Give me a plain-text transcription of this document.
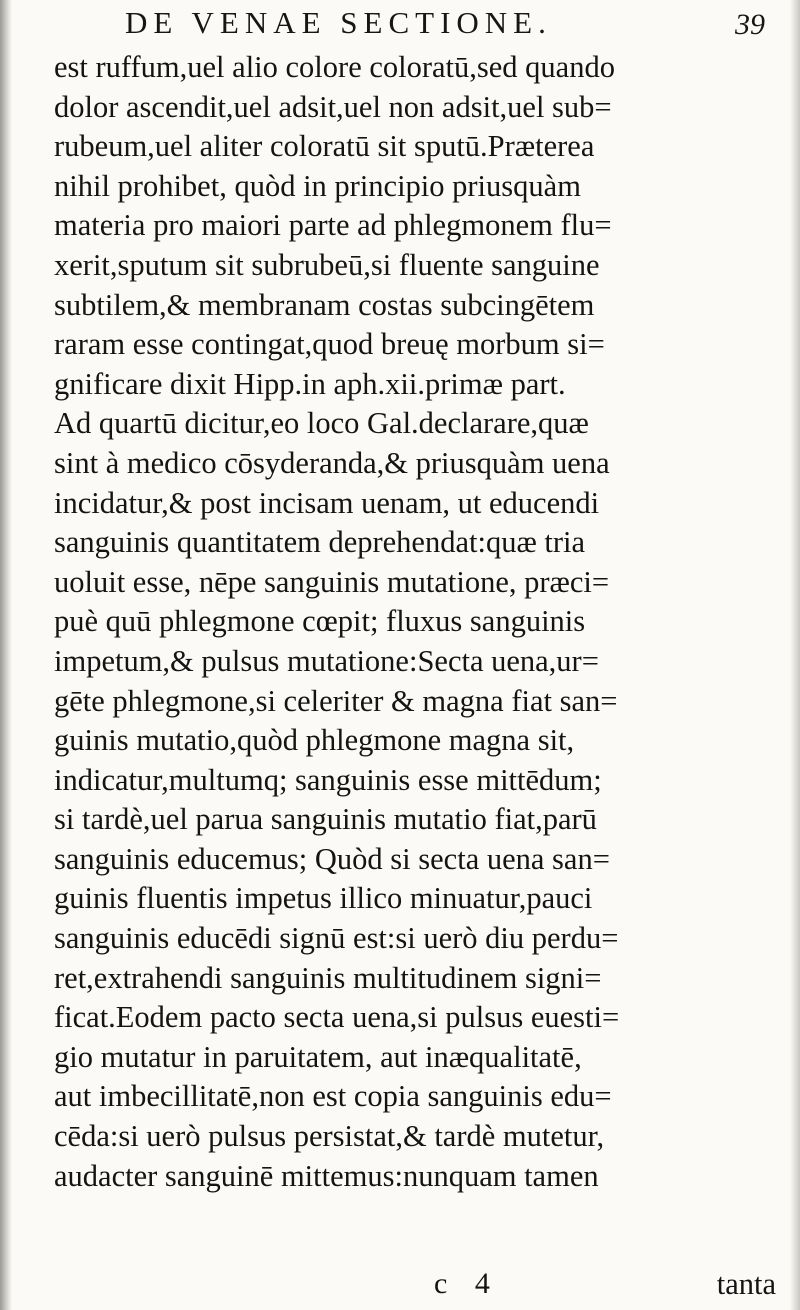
DE VENAE SECTIONE.	39
est ruffum,uel alio colore coloratū,sed quando
dolor ascendit,uel adsit,uel non adsit,uel sub=
rubeum,uel aliter coloratū sit sputū.Præterea
nihil prohibet, quòd in principio priusquàm
materia pro maiori parte ad phlegmonem flu=
xerit,sputum sit subrubeū,si fluente sanguine
subtilem,& membranam costas subcingētem
raram esse contingat,quod breuę morbum si=
gnificare dixit Hipp.in aph.xii.primæ part.
Ad quartū dicitur,eo loco Gal.declarare,quæ
sint à medico cōsyderanda,& priusquàm uena
incidatur,& post incisam uenam, ut educendi
sanguinis quantitatem deprehendat:quæ tria
uoluit esse, nēpe sanguinis mutatione, præci=
puè quū phlegmone cœpit; fluxus sanguinis
impetum,& pulsus mutatione:Secta uena,ur=
gēte phlegmone,si celeriter & magna fiat san=
guinis mutatio,quòd phlegmone magna sit,
indicatur,multumq; sanguinis esse mittēdum;
si tardè,uel parua sanguinis mutatio fiat,parū
sanguinis educemus; Quòd si secta uena san=
guinis fluentis impetus illico minuatur,pauci
sanguinis educēdi signū est:si uerò diu perdu=
ret,extrahendi sanguinis multitudinem signi=
ficat.Eodem pacto secta uena,si pulsus euesti=
gio mutatur in paruitatem, aut inæqualitatē,
aut imbecillitatē,non est copia sanguinis edu=
cēda:si uerò pulsus persistat,& tardè mutetur,
audacter sanguinē mittemus:nunquam tamen
c 4	tanta
